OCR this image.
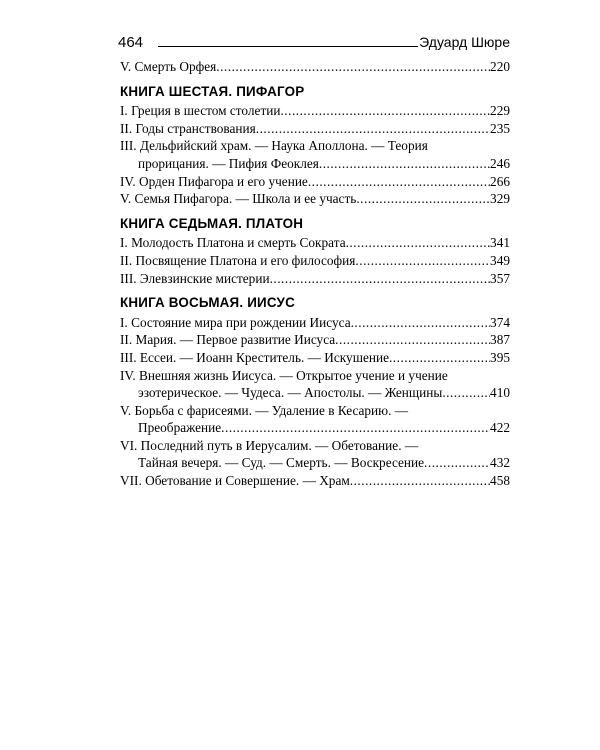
464	Эдуард Шюре
V. Смерть Орфея .....	220
КНИГА ШЕСТАЯ. ПИФАГОР
I. Греция в шестом столетии .....	229
II. Годы странствования .....	235
III. Дельфийский храм. — Наука Аполлона. — Теория
прорицания. — Пифия Феоклея .....	246
IV. Орден Пифагора и его учение .....	266
V. Семья Пифагора. — Школа и ее участь .....	329
КНИГА СЕДЬМАЯ. ПЛАТОН
I. Молодость Платона и смерть Сократа .....	341
II. Посвящение Платона и его философия .....	349
III. Элевзинские мистерии .....	357
КНИГА ВОСЬМАЯ. ИИСУС
I. Состояние мира при рождении Иисуса .....	374
II. Мария. — Первое развитие Иисуса .....	387
III. Ессеи. — Иоанн Креститель. — Искушение .....	395
IV. Внешняя жизнь Иисуса. — Открытое учение и учение
эзотерическое. — Чудеса. — Апостолы. — Женщины .....	410
V. Борьба с фарисеями. — Удаление в Кесарию. —
Преображение .....	422
VI. Последний путь в Иерусалим. — Обетование. —
Тайная вечеря. — Суд. — Смерть. — Воскресение .....	432
VII. Обетование и Совершение. — Храм .....	458
